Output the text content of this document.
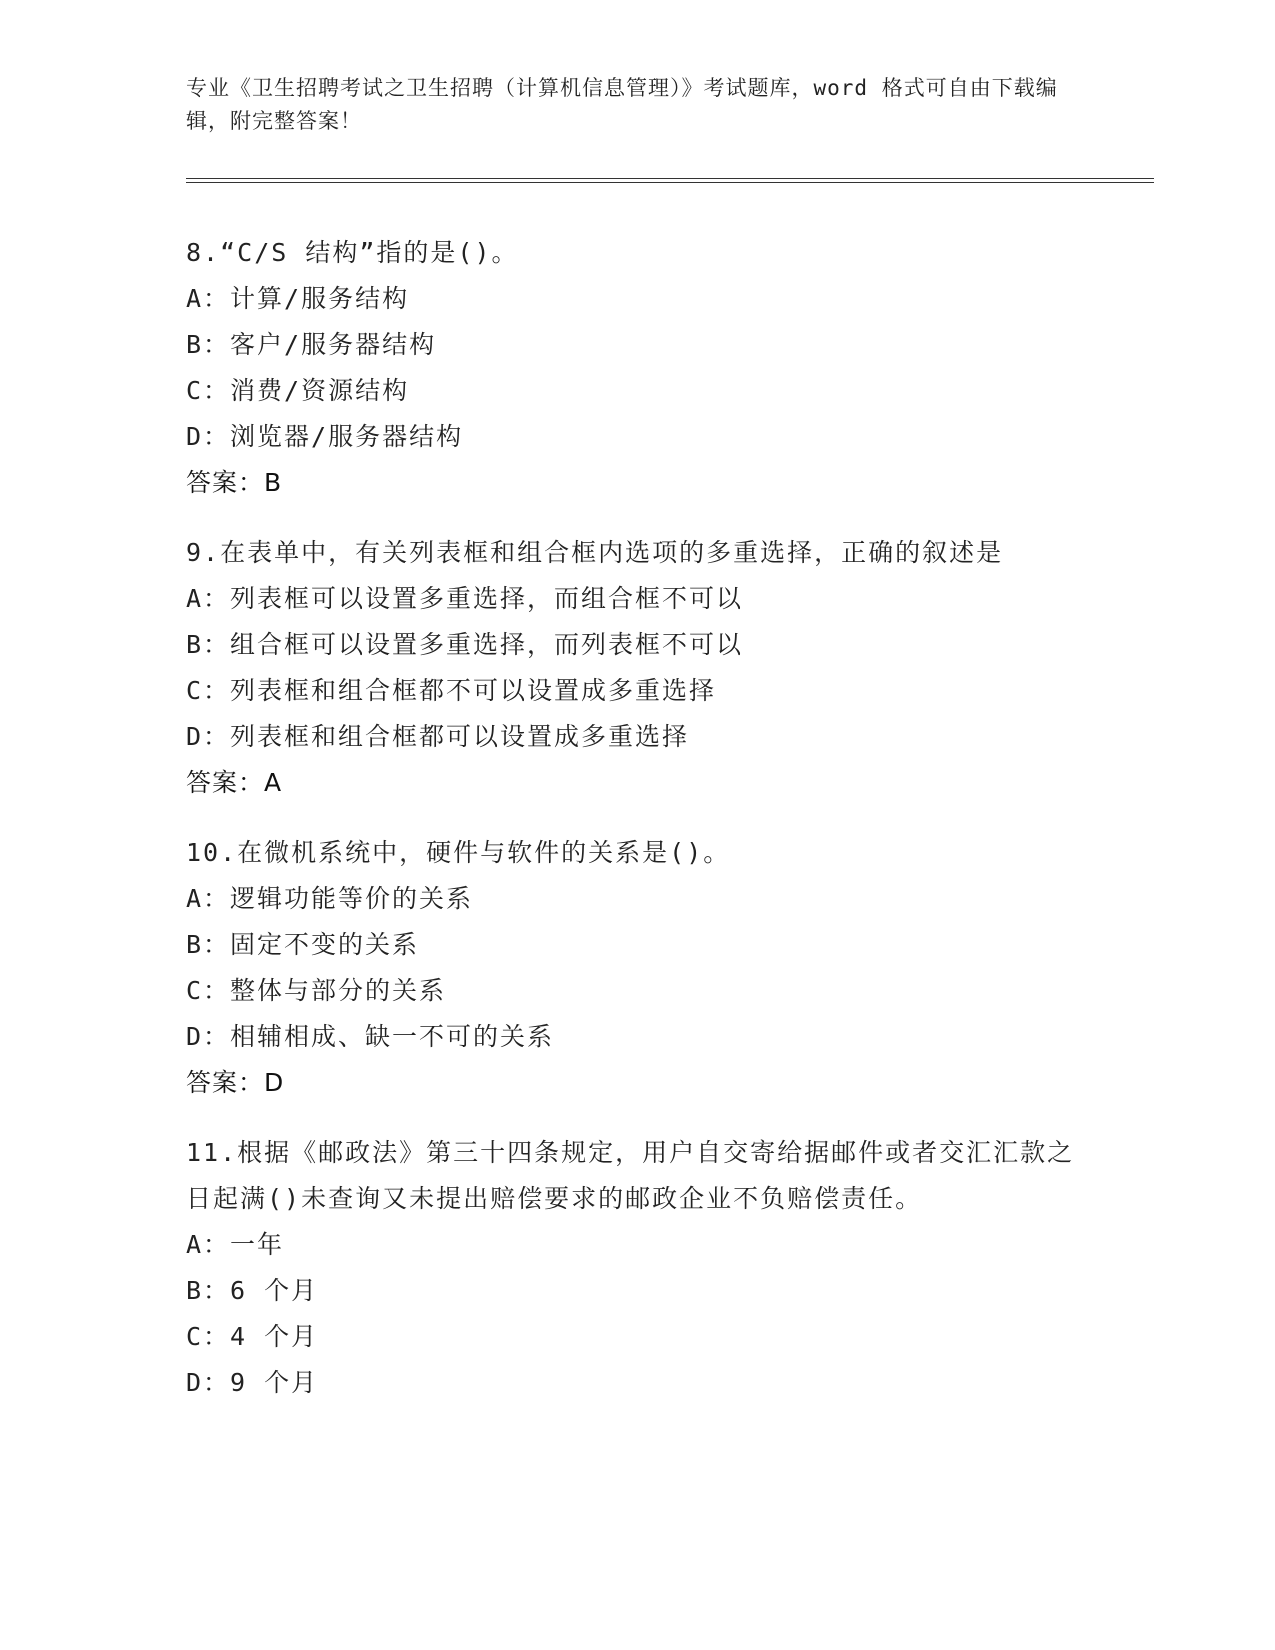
专业《卫生招聘考试之卫生招聘（计算机信息管理）》考试题库，word 格式可自由下载编辑，附完整答案！
8.“C/S 结构”指的是()。
A：计算/服务结构
B：客户/服务器结构
C：消费/资源结构
D：浏览器/服务器结构
答案：B
9.在表单中，有关列表框和组合框内选项的多重选择，正确的叙述是
A：列表框可以设置多重选择，而组合框不可以
B：组合框可以设置多重选择，而列表框不可以
C：列表框和组合框都不可以设置成多重选择
D：列表框和组合框都可以设置成多重选择
答案：A
10.在微机系统中，硬件与软件的关系是()。
A：逻辑功能等价的关系
B：固定不变的关系
C：整体与部分的关系
D：相辅相成、缺一不可的关系
答案：D
11.根据《邮政法》第三十四条规定，用户自交寄给据邮件或者交汇汇款之日起满()未查询又未提出赔偿要求的邮政企业不负赔偿责任。
A：一年
B：6 个月
C：4 个月
D：9 个月
